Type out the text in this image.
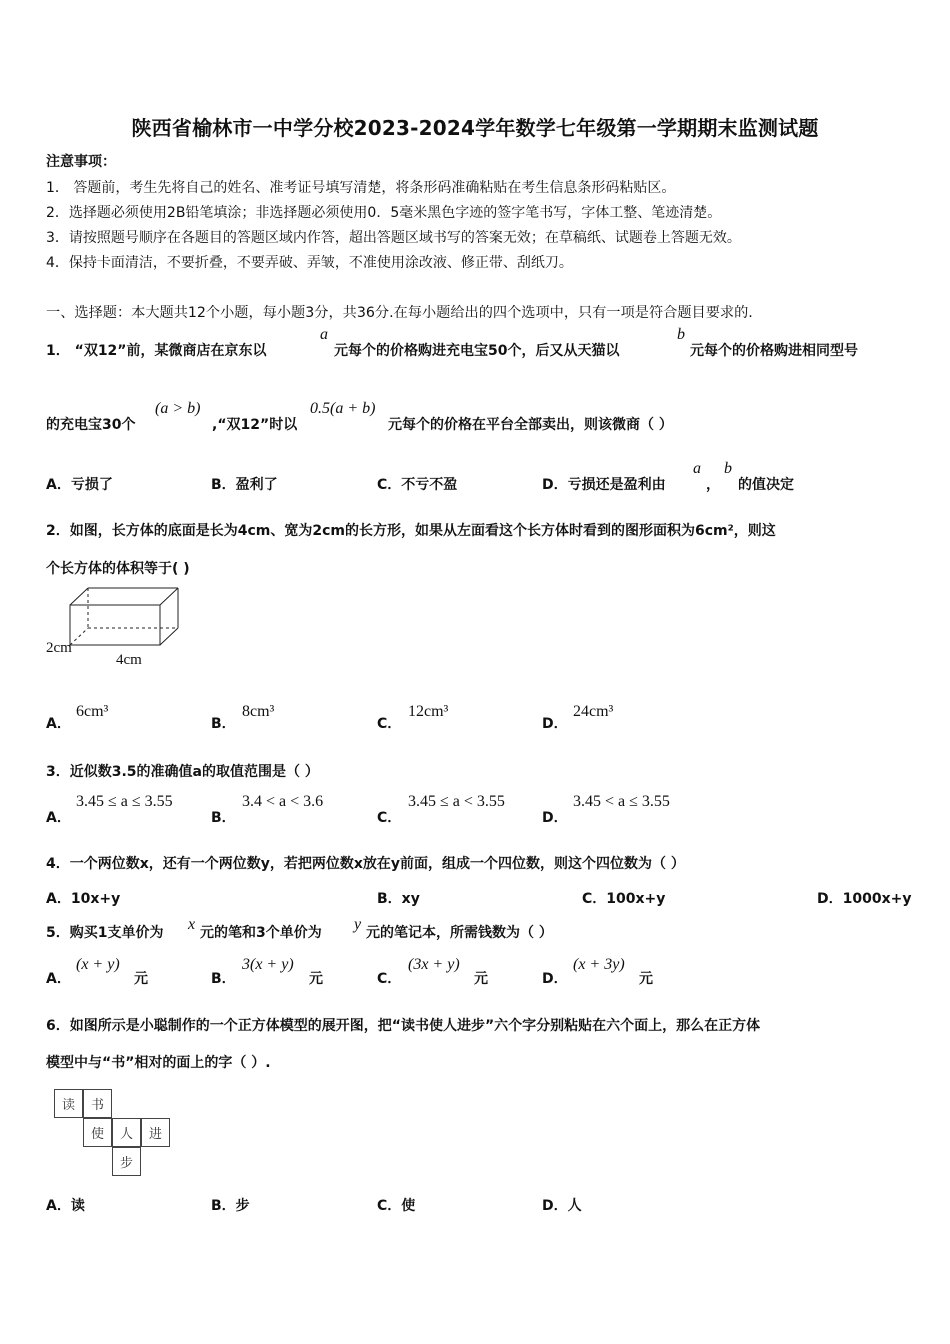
陕西省榆林市一中学分校2023-2024学年数学七年级第一学期期末监测试题
注意事项：
1． 答题前，考生先将自己的姓名、准考证号填写清楚，将条形码准确粘贴在考生信息条形码粘贴区。
2．选择题必须使用2B铅笔填涂；非选择题必须使用0．5毫米黑色字迹的签字笔书写，字体工整、笔迹清楚。
3．请按照题号顺序在各题目的答题区域内作答，超出答题区域书写的答案无效；在草稿纸、试题卷上答题无效。
4．保持卡面清洁，不要折叠，不要弄破、弄皱，不准使用涂改液、修正带、刮纸刀。
一、选择题：本大题共12个小题，每小题3分，共36分.在每小题给出的四个选项中，只有一项是符合题目要求的.
1． “双12”前，某微商店在京东以
a
元每个的价格购进充电宝50个，后又从天猫以
b
元每个的价格购进相同型号
的充电宝30个
(a > b)
,“双12”时以
0.5(a + b)
元每个的价格在平台全部卖出，则该微商（ ）
A．亏损了	B．盈利了	C．不亏不盈	D．亏损还是盈利由
a
，
b
的值决定
2．如图，长方体的底面是长为4cm、宽为2cm的长方形，如果从左面看这个长方体时看到的图形面积为6cm²，则这
个长方体的体积等于( )
2cm
4cm
A．
6cm³
B．
8cm³
C．
12cm³
D．
24cm³
3．近似数3.5的准确值a的取值范围是（ ）
A．
3.45 ≤ a ≤ 3.55
B．
3.4 < a < 3.6
C．
3.45 ≤ a < 3.55
D．
3.45 < a ≤ 3.55
4．一个两位数x，还有一个两位数y，若把两位数x放在y前面，组成一个四位数，则这个四位数为（ ）
A．10x+y	B．xy	C．100x+y	D．1000x+y
5．购买1支单价为 x 元的笔和3个单价为 y 元的笔记本，所需钱数为（ ）
A．
(x + y)
元	B．
3(x + y)
元	C．
(3x + y)
元	D．
(x + 3y)
元
6．如图所示是小聪制作的一个正方体模型的展开图，把“读书使人进步”六个字分别粘贴在六个面上，那么在正方体
模型中与“书”相对的面上的字（ ）.
读	书
使	人	进
步
A．读	B．步	C．使	D．人
